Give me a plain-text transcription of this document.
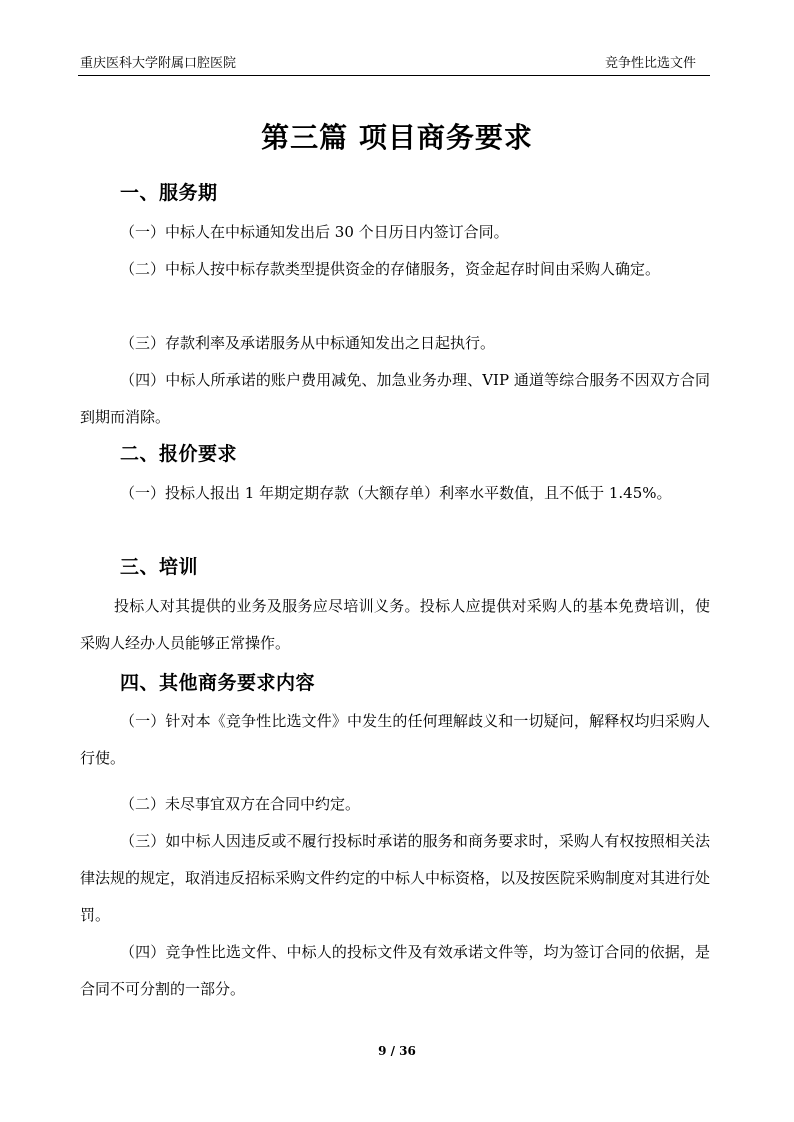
重庆医科大学附属口腔医院	竞争性比选文件
第三篇 项目商务要求
一、服务期

（一）中标人在中标通知发出后 30 个日历日内签订合同。

（二）中标人按中标存款类型提供资金的存储服务，资金起存时间由采购人确定。

（三）存款利率及承诺服务从中标通知发出之日起执行。

（四）中标人所承诺的账户费用减免、加急业务办理、VIP 通道等综合服务不因双方合同到期而消除。

二、报价要求

（一）投标人报出 1 年期定期存款（大额存单）利率水平数值，且不低于 1.45%。

三、培训

投标人对其提供的业务及服务应尽培训义务。投标人应提供对采购人的基本免费培训，使采购人经办人员能够正常操作。

四、其他商务要求内容

（一）针对本《竞争性比选文件》中发生的任何理解歧义和一切疑问，解释权均归采购人行使。

（二）未尽事宜双方在合同中约定。

（三）如中标人因违反或不履行投标时承诺的服务和商务要求时，采购人有权按照相关法律法规的规定，取消违反招标采购文件约定的中标人中标资格，以及按医院采购制度对其进行处罚。

（四）竞争性比选文件、中标人的投标文件及有效承诺文件等，均为签订合同的依据，是合同不可分割的一部分。

9 / 36
